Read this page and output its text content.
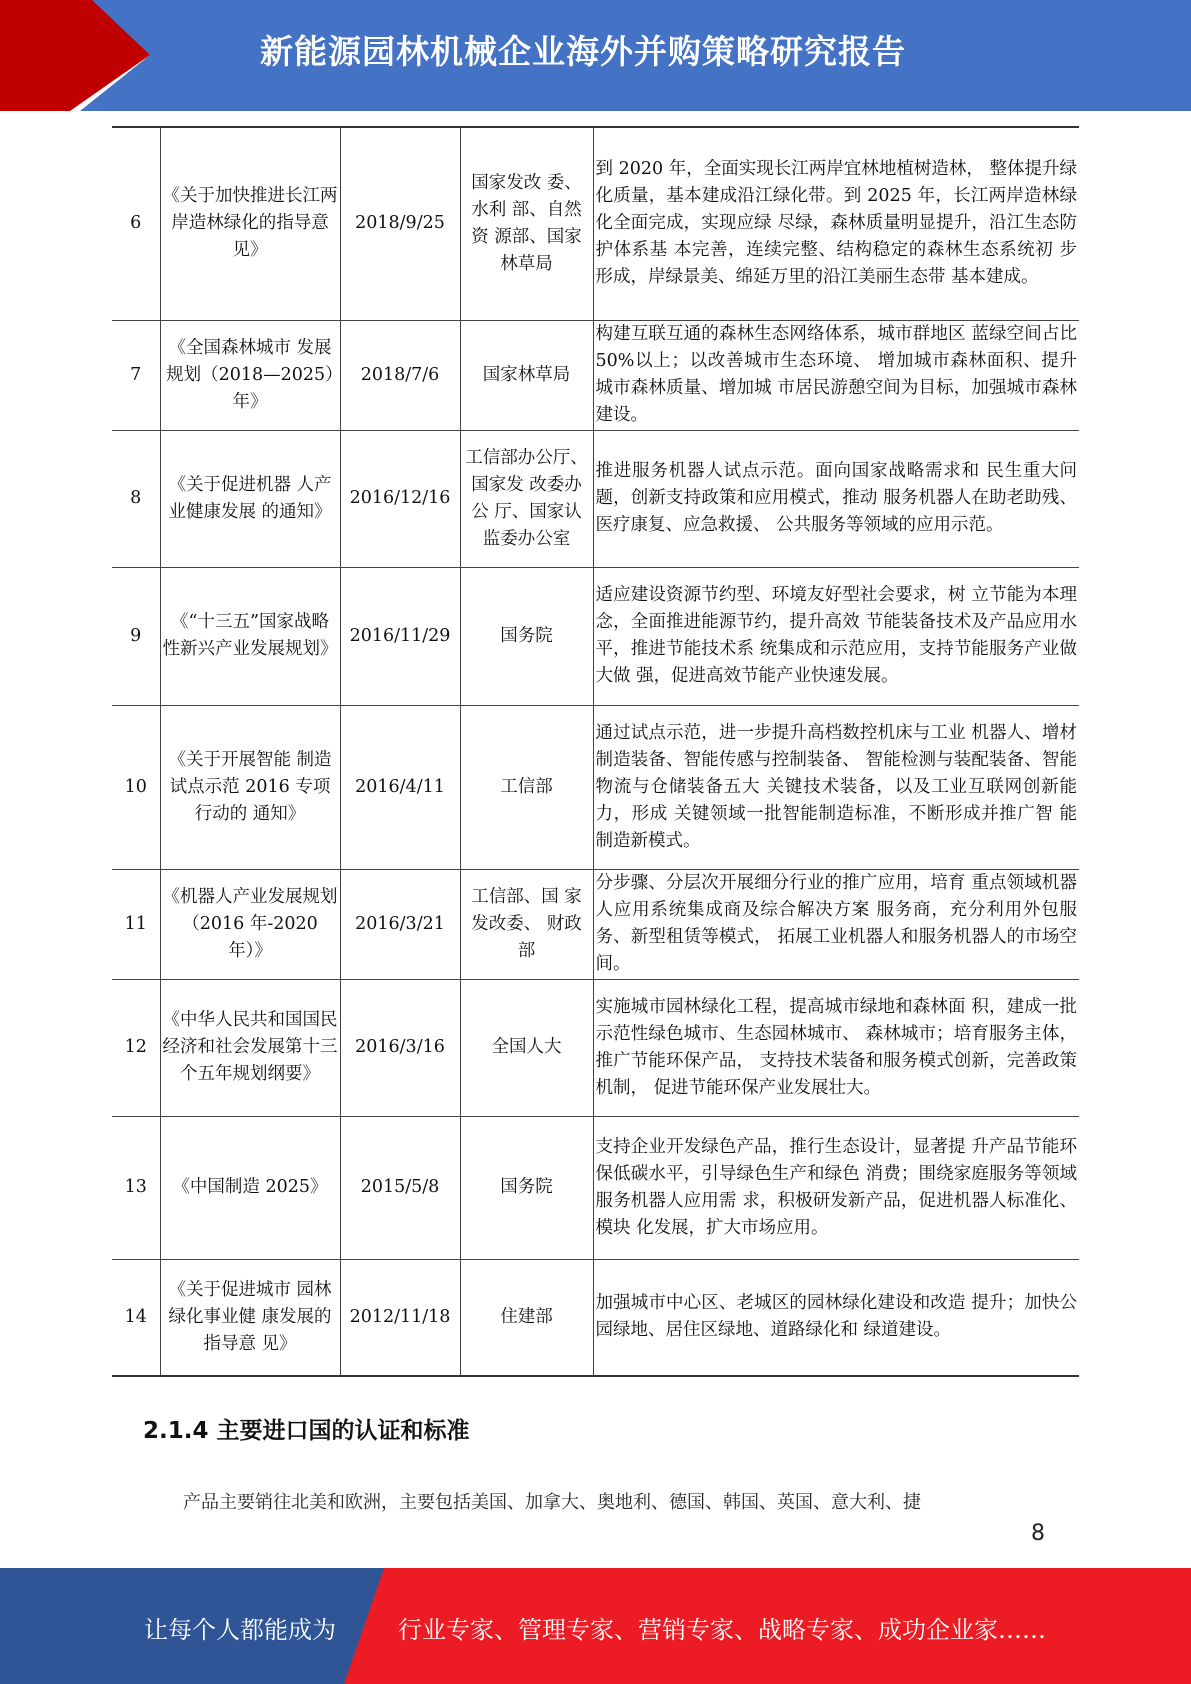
新能源园林机械企业海外并购策略研究报告
6	《关于加快推进长江两岸造林绿化的指导意见》	2018/9/25	国家发改 委、水利 部、自然资 源部、国家林草局	到 2020 年，全面实现长江两岸宜林地植树造林， 整体提升绿化质量，基本建成沿江绿化带。到 2025 年，长江两岸造林绿化全面完成，实现应绿 尽绿，森林质量明显提升，沿江生态防护体系基 本完善，连续完整、结构稳定的森林生态系统初 步形成，岸绿景美、绵延万里的沿江美丽生态带 基本建成。
7	《全国森林城市 发展规划（2018—2025）年》	2018/7/6	国家林草局	构建互联互通的森林生态网络体系，城市群地区 蓝绿空间占比 50%以上；以改善城市生态环境、 增加城市森林面积、提升城市森林质量、增加城 市居民游憩空间为目标，加强城市森林建设。
8	《关于促进机器 人产业健康发展 的通知》	2016/12/16	工信部办公厅、国家发 改委办公 厅、国家认 监委办公室	推进服务机器人试点示范。面向国家战略需求和 民生重大问题，创新支持政策和应用模式，推动 服务机器人在助老助残、医疗康复、应急救援、 公共服务等领域的应用示范。
9	《“十三五”国家战略性新兴产业发展规划》	2016/11/29	国务院	适应建设资源节约型、环境友好型社会要求，树 立节能为本理念，全面推进能源节约，提升高效 节能装备技术及产品应用水平，推进节能技术系 统集成和示范应用，支持节能服务产业做大做 强，促进高效节能产业快速发展。
10	《关于开展智能 制造试点示范 2016 专项行动的 通知》	2016/4/11	工信部	通过试点示范，进一步提升高档数控机床与工业 机器人、增材制造装备、智能传感与控制装备、 智能检测与装配装备、智能物流与仓储装备五大 关键技术装备，以及工业互联网创新能力，形成 关键领域一批智能制造标准，不断形成并推广智 能制造新模式。
11	《机器人产业发展规划（2016 年-2020 年）》	2016/3/21	工信部、国 家发改委、 财政部	分步骤、分层次开展细分行业的推广应用，培育 重点领域机器人应用系统集成商及综合解决方案 服务商，充分利用外包服务、新型租赁等模式， 拓展工业机器人和服务机器人的市场空间。
12	《中华人民共和国国民经济和社会发展第十三个五年规划纲要》	2016/3/16	全国人大	实施城市园林绿化工程，提高城市绿地和森林面 积，建成一批示范性绿色城市、生态园林城市、 森林城市；培育服务主体，推广节能环保产品， 支持技术装备和服务模式创新，完善政策机制， 促进节能环保产业发展壮大。
13	《中国制造 2025》	2015/5/8	国务院	支持企业开发绿色产品，推行生态设计，显著提 升产品节能环保低碳水平，引导绿色生产和绿色 消费；围绕家庭服务等领域服务机器人应用需 求，积极研发新产品，促进机器人标准化、模块 化发展，扩大市场应用。
14	《关于促进城市 园林绿化事业健 康发展的指导意 见》	2012/11/18	住建部	加强城市中心区、老城区的园林绿化建设和改造 提升；加快公园绿地、居住区绿地、道路绿化和 绿道建设。
2.1.4 主要进口国的认证和标准
产品主要销往北美和欧洲，主要包括美国、加拿大、奥地利、德国、韩国、英国、意大利、捷
8
让每个人都能成为	行业专家、管理专家、营销专家、战略专家、成功企业家……
